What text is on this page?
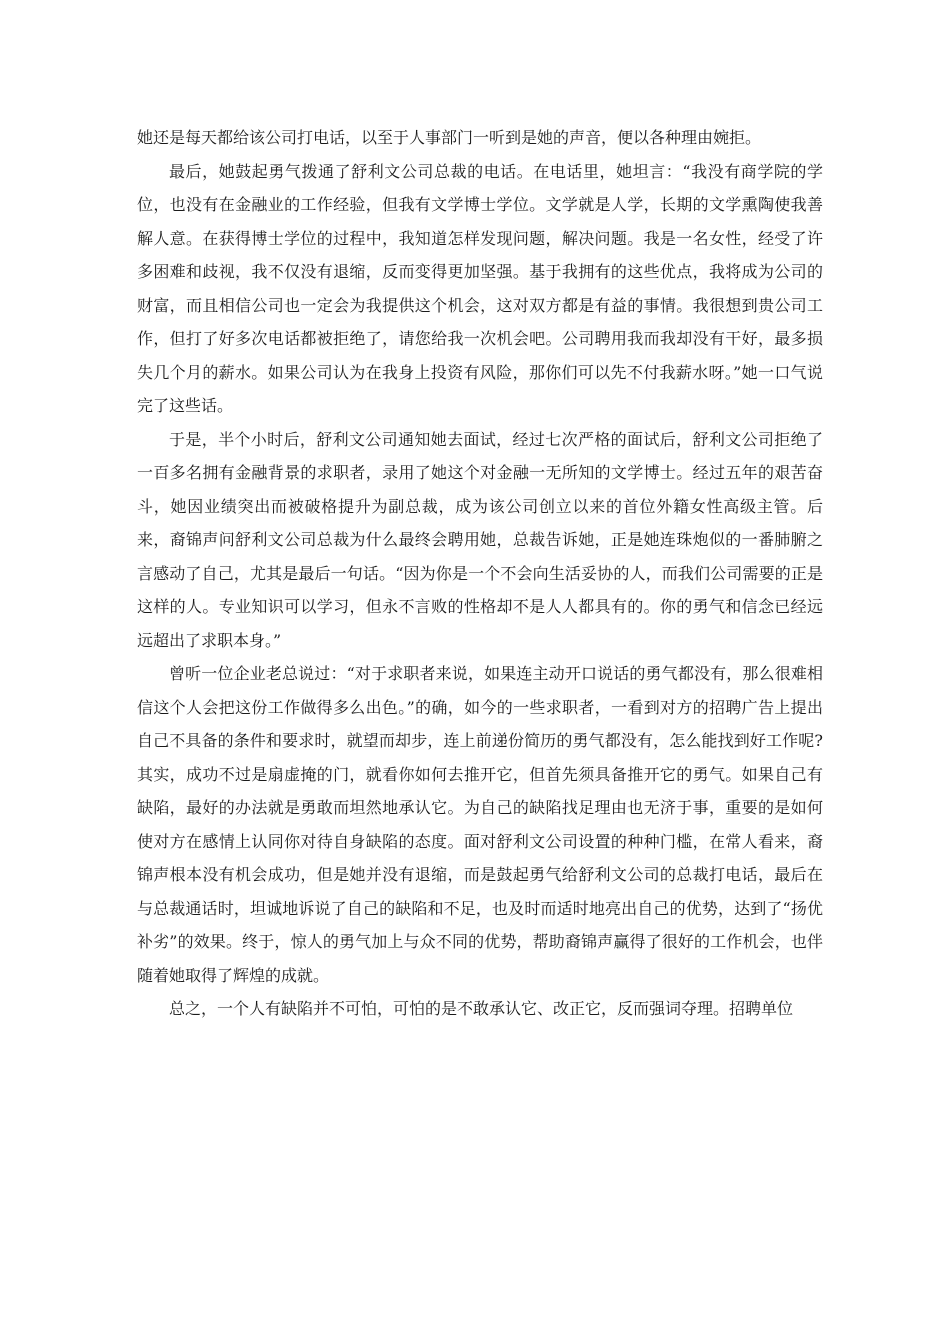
她还是每天都给该公司打电话，以至于人事部门一听到是她的声音，便以各种理由婉拒。

最后，她鼓起勇气拨通了舒利文公司总裁的电话。在电话里，她坦言：“我没有商学院的学位，也没有在金融业的工作经验，但我有文学博士学位。文学就是人学，长期的文学熏陶使我善解人意。在获得博士学位的过程中，我知道怎样发现问题，解决问题。我是一名女性，经受了许多困难和歧视，我不仅没有退缩，反而变得更加坚强。基于我拥有的这些优点，我将成为公司的财富，而且相信公司也一定会为我提供这个机会，这对双方都是有益的事情。我很想到贵公司工作，但打了好多次电话都被拒绝了，请您给我一次机会吧。公司聘用我而我却没有干好，最多损失几个月的薪水。如果公司认为在我身上投资有风险，那你们可以先不付我薪水呀。”她一口气说完了这些话。

于是，半个小时后，舒利文公司通知她去面试，经过七次严格的面试后，舒利文公司拒绝了一百多名拥有金融背景的求职者，录用了她这个对金融一无所知的文学博士。经过五年的艰苦奋斗，她因业绩突出而被破格提升为副总裁，成为该公司创立以来的首位外籍女性高级主管。后来，裔锦声问舒利文公司总裁为什么最终会聘用她，总裁告诉她，正是她连珠炮似的一番肺腑之言感动了自己，尤其是最后一句话。“因为你是一个不会向生活妥协的人，而我们公司需要的正是这样的人。专业知识可以学习，但永不言败的性格却不是人人都具有的。你的勇气和信念已经远远超出了求职本身。”

曾听一位企业老总说过：“对于求职者来说，如果连主动开口说话的勇气都没有，那么很难相信这个人会把这份工作做得多么出色。”的确，如今的一些求职者，一看到对方的招聘广告上提出自己不具备的条件和要求时，就望而却步，连上前递份简历的勇气都没有，怎么能找到好工作呢?其实，成功不过是扇虚掩的门，就看你如何去推开它，但首先须具备推开它的勇气。如果自己有缺陷，最好的办法就是勇敢而坦然地承认它。为自己的缺陷找足理由也无济于事，重要的是如何使对方在感情上认同你对待自身缺陷的态度。面对舒利文公司设置的种种门槛，在常人看来，裔锦声根本没有机会成功，但是她并没有退缩，而是鼓起勇气给舒利文公司的总裁打电话，最后在与总裁通话时，坦诚地诉说了自己的缺陷和不足，也及时而适时地亮出自己的优势，达到了“扬优补劣”的效果。终于，惊人的勇气加上与众不同的优势，帮助裔锦声赢得了很好的工作机会，也伴随着她取得了辉煌的成就。

总之，一个人有缺陷并不可怕，可怕的是不敢承认它、改正它，反而强词夺理。招聘单位
